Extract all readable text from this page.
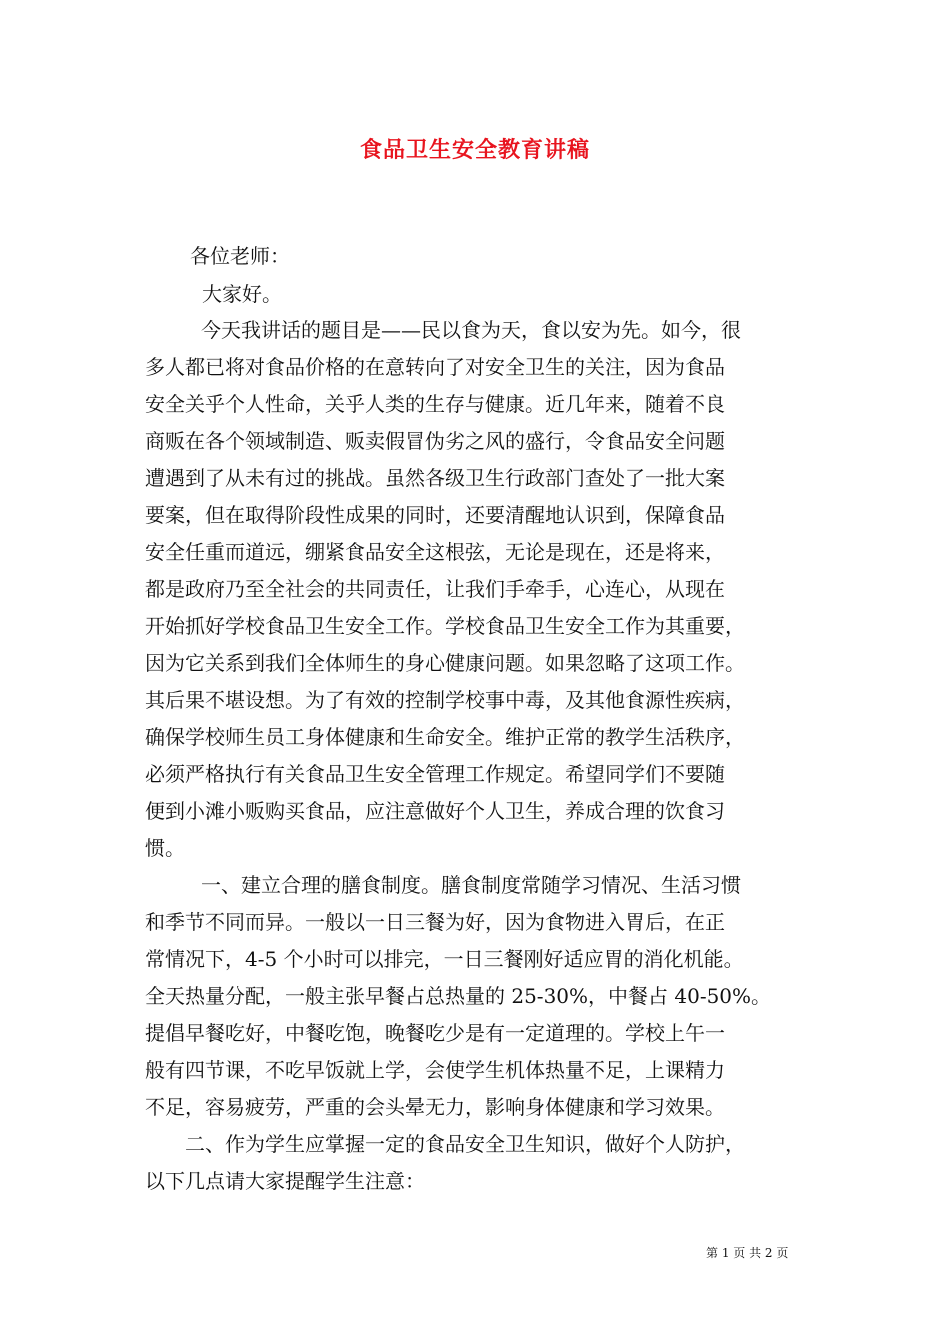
食品卫生安全教育讲稿
各位老师：
大家好。
今天我讲话的题目是——民以食为天，食以安为先。如今，很
多人都已将对食品价格的在意转向了对安全卫生的关注，因为食品
安全关乎个人性命，关乎人类的生存与健康。近几年来，随着不良
商贩在各个领域制造、贩卖假冒伪劣之风的盛行，令食品安全问题
遭遇到了从未有过的挑战。虽然各级卫生行政部门查处了一批大案
要案，但在取得阶段性成果的同时，还要清醒地认识到，保障食品
安全任重而道远，绷紧食品安全这根弦，无论是现在，还是将来，
都是政府乃至全社会的共同责任，让我们手牵手，心连心，从现在
开始抓好学校食品卫生安全工作。学校食品卫生安全工作为其重要，
因为它关系到我们全体师生的身心健康问题。如果忽略了这项工作。
其后果不堪设想。为了有效的控制学校事中毒，及其他食源性疾病，
确保学校师生员工身体健康和生命安全。维护正常的教学生活秩序，
必须严格执行有关食品卫生安全管理工作规定。希望同学们不要随
便到小滩小贩购买食品，应注意做好个人卫生，养成合理的饮食习
惯。
一、建立合理的膳食制度。膳食制度常随学习情况、生活习惯
和季节不同而异。一般以一日三餐为好，因为食物进入胃后，在正
常情况下，4-5 个小时可以排完，一日三餐刚好适应胃的消化机能。
全天热量分配，一般主张早餐占总热量的 25-30%，中餐占 40-50%。
提倡早餐吃好，中餐吃饱，晚餐吃少是有一定道理的。学校上午一
般有四节课，不吃早饭就上学，会使学生机体热量不足，上课精力
不足，容易疲劳，严重的会头晕无力，影响身体健康和学习效果。
二、作为学生应掌握一定的食品安全卫生知识，做好个人防护，
以下几点请大家提醒学生注意：
第 1 页 共 2 页
